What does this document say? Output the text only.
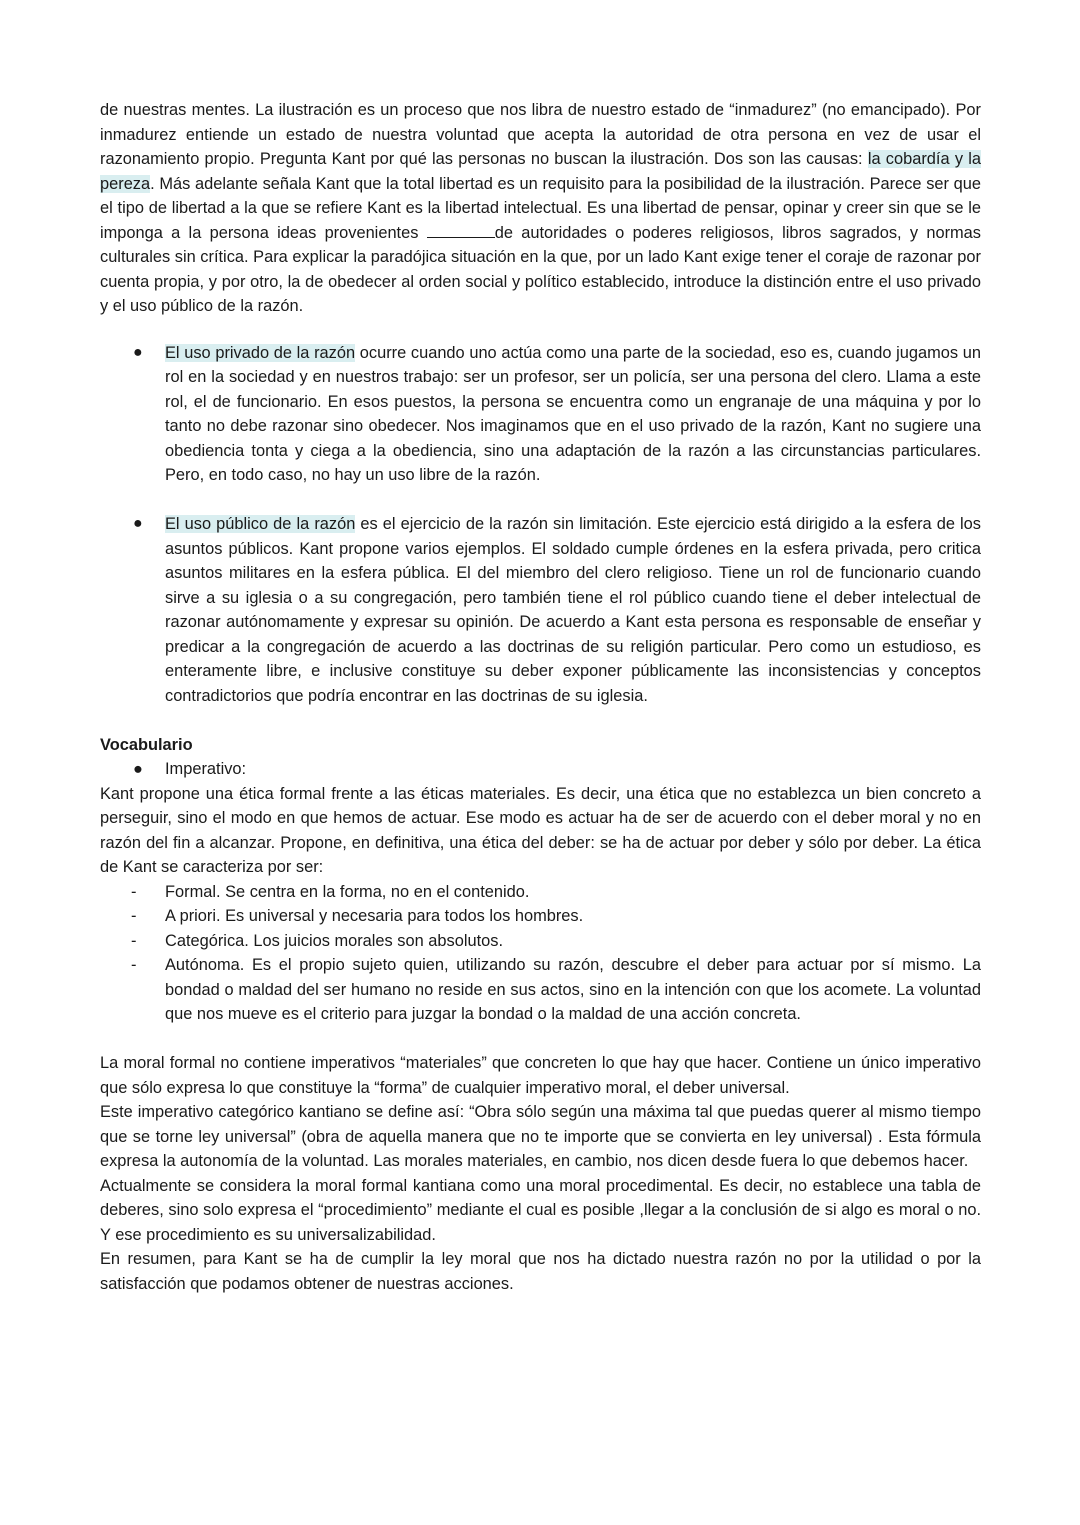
de nuestras mentes. La ilustración es un proceso que nos libra de nuestro estado de “inmadurez” (no emancipado). Por inmadurez entiende un estado de nuestra voluntad que acepta la autoridad de otra persona en vez de usar el razonamiento propio. Pregunta Kant por qué las personas no buscan la ilustración. Dos son las causas: la cobardía y la pereza. Más adelante señala Kant que la total libertad es un requisito para la posibilidad de la ilustración. Parece ser que el tipo de libertad a la que se refiere Kant es la libertad intelectual. Es una libertad de pensar, opinar y creer sin que se le imponga a la persona ideas provenientes	de autoridades o poderes religiosos, libros sagrados, y normas culturales sin crítica. Para explicar la paradójica situación en la que, por un lado Kant exige tener el coraje de razonar por cuenta propia, y por otro, la de obedecer al orden social y político establecido, introduce la distinción entre el uso privado y el uso público de la razón.

● El uso privado de la razón ocurre cuando uno actúa como una parte de la sociedad, eso es, cuando jugamos un rol en la sociedad y en nuestros trabajo: ser un profesor, ser un policía, ser una persona del clero. Llama a este rol, el de funcionario. En esos puestos, la persona se encuentra como un engranaje de una máquina y por lo tanto no debe razonar sino obedecer. Nos imaginamos que en el uso privado de la razón, Kant no sugiere una obediencia tonta y ciega a la obediencia, sino una adaptación de la razón a las circunstancias particulares. Pero, en todo caso, no hay un uso libre de la razón.

● El uso público de la razón es el ejercicio de la razón sin limitación. Este ejercicio está dirigido a la esfera de los asuntos públicos. Kant propone varios ejemplos. El soldado cumple órdenes en la esfera privada, pero critica asuntos militares en la esfera pública. El del miembro del clero religioso. Tiene un rol de funcionario cuando sirve a su iglesia o a su congregación, pero también tiene el rol público cuando tiene el deber intelectual de razonar autónomamente y expresar su opinión. De acuerdo a Kant esta persona es responsable de enseñar y predicar a la congregación de acuerdo a las doctrinas de su religión particular. Pero como un estudioso, es enteramente libre, e inclusive constituye su deber exponer públicamente las inconsistencias y conceptos contradictorios que podría encontrar en las doctrinas de su iglesia.

Vocabulario

● Imperativo:

Kant propone una ética formal frente a las éticas materiales. Es decir, una ética que no establezca un bien concreto a perseguir, sino el modo en que hemos de actuar. Ese modo es actuar ha de ser de acuerdo con el deber moral y no en razón del fin a alcanzar. Propone, en definitiva, una ética del deber: se ha de actuar por deber y sólo por deber. La ética de Kant se caracteriza por ser:

- Formal. Se centra en la forma, no en el contenido.
- A priori. Es universal y necesaria para todos los hombres.
- Categórica. Los juicios morales son absolutos.
- Autónoma. Es el propio sujeto quien, utilizando su razón, descubre el deber para actuar por sí mismo. La bondad o maldad del ser humano no reside en sus actos, sino en la intención con que los acomete. La voluntad que nos mueve es el criterio para juzgar la bondad o la maldad de una acción concreta.

La moral formal no contiene imperativos “materiales” que concreten lo que hay que hacer. Contiene un único imperativo que sólo expresa lo que constituye la “forma” de cualquier imperativo moral, el deber universal.

Este imperativo categórico kantiano se define así: “Obra sólo según una máxima tal que puedas querer al mismo tiempo que se torne ley universal” (obra de aquella manera que no te importe que se convierta en ley universal) . Esta fórmula expresa la autonomía de la voluntad. Las morales materiales, en cambio, nos dicen desde fuera lo que debemos hacer.

Actualmente se considera la moral formal kantiana como una moral procedimental. Es decir, no establece una tabla de deberes, sino solo expresa el “procedimiento” mediante el cual es posible ,llegar a la conclusión de si algo es moral o no. Y ese procedimiento es su universalizabilidad.

En resumen, para Kant se ha de cumplir la ley moral que nos ha dictado nuestra razón no por la utilidad o por la satisfacción que podamos obtener de nuestras acciones.
